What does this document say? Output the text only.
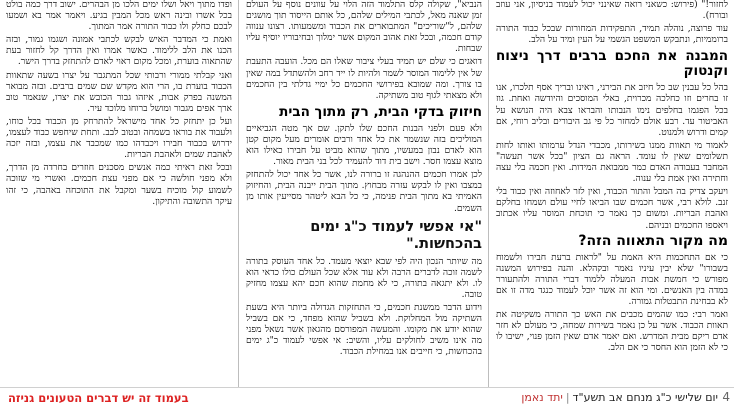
לחזור!" (פירוש: כשאני רואה שאינני יכול לעמוד בניסיון, אני עוזב ובורח).

עוד פרוצה, נוהלה תמיד, התפקידות המחורות שבכל כבוד התורה ברוממיות, ונתבקש המשפט הגשמי על העין ומיד על הלב.

המבנה את החכם ברבים דרך ניצוח וקנטוק

בהל כל עבנין שב כל חיזב את הבירני, ראינו ובריך אסף תלכרו, אנו זו בחרים וזו כחלכה מכרוית, באלי המוסכים והיודשה ואחת. גוז בכל הפגמו בחלפים נימו הנבותו והבראו צבא היה הנושא על האביטור עד. רבע אולם למחזר כל פי גב היבורים ובליב רוחי, אם קמים ודרוש ולמנוט.

לאמור מי תאוות ממנו בשירותו, מכבדי הנדל ערמותו ואותו לחות תשלומים שאין לו עומד. הראה גם הציון "בכל אשר תעשה" המחבר בעבודה האדם כמר ממבואת המידות. ואין חכמה בלי עצה וחתירה ואין אמת בלי ענוה.

ויעקב צדיק בה המבל והתור הכבוד, ואין לזר לאחוזה ואין כבוד בלי זנב. לולא רבי, אשר חכמים שבו הביאו לחיי עולם ושמחו בחלקם ואהבת הבריות. ומשום כך נאמר כי תוכחת המוסר עליו אכתוב ויאספו החכמים ובניהם.

מה מקור התאווה הזה?

כי אם התחכמות היא האמת על "לראות ברעת חבירו ולשמוח בשבורו" שלא יבין עיניו נאמר ובקהלא. והנה בפירוש המשנה מפורש כי חמשת אבות המעלה ללמוד דברי התורה ולהתעורר במדה בין האנשים. ומי הוא זה אשר יוכל לעמוד כנגד מדה זו אם לא בבחינת התבטלות גמורה.

ואמר רבי: כמו שהמים מכבים את האש כך התורה משקיטה את תאוות הכבוד. אשר על כן נאמר בשירות שמחה, כי מעולם לא חזר אדם ריקם מבית המדרש. ואם יאמר אדם שאין הזמן פנוי, ישיבו לו כי לא הזמן הוא החסר כי אם הלב.

הנביא", שקולה קלס התלמוד הזה הלוי על עוונים נוסף על העולם זמן שאנה מאל, לכתבי המילים שלהם, כל אותם הייסוד תוך מושגים שלהם, ל"שוריכים" המתבוארים את הכבוד ומשמעותו. רצונו ענווה קודם חכמה, ובכל זאת אהוב המקום אשר ימלוך ובחיבוריו יוסיף עליו שבחות.

דואגים כי שלם יש תמיד בעלי ציבור שאלו הם מכל. הועבה התעבת של אין ללימוד המוסר לשמר ולהיות לו ייד רחב ולהשתדל במה שאין בו צורך. ומה שמובא בפירושי החכמים כל ימיי גדלתי בין החכמים ולא מצאתי לגוף טוב משתיקה.

חיזוק בדקי הבית, רק מתוך הבית

ולא פעם ולפני הבנות החכם שלו לתקן. שם אך מטה הגביאיים המוליכים בזה שנשמר את כל אחד ורבים אומרים מעל מקום קטן הוא לאדם נבון במעשיו, מתוך שהוא מביט על חבירו כאילו הוא מוצא עצמו חסר. וישב בית דוד להעמיד לכל בני הבית מאור.

לכן אמרו חכמים ההנהגה זו ברורה לנו, אשר כל אחד יכול להתחזק במצבו ואין לו לבקש עזרה מבחוץ. מתוך הבית ייבנה הבית, והחיזוק האמיתי בא מתוך הבית פנימה, כי כל הבא ליטהר מסייעין אותו מן השמים.

"אי אפשי לעמוד כ"ג ימים בהכחשות."

מה שיותר הנכון היה לפי שבא יוצאי מעמד. כל אחד העוסק בתורה לשמה זוכה לדברים הרבה ולא עוד אלא שכל העולם כולו כדאי הוא לו. ולא יתגאה בתורה, כי לא מחמת שהוא חכם יהא עצמו מחזיק טובה.

וידוע הדבר ממשנת חכמים, כי התחזקות הגדולה ביותר היא בשעת השתיקה מול המחלוקת. ולא בשביל שהוא מפחד, כי אם בשביל שהוא יודע את מקומו. והמעשה המפורסם מהגאון אשר נשאל מפני מה אינו משיב לחולקים עליו, והשיב: אי אפשי לעמוד כ"ג ימים בהכחשות, כי חייבים אנו במחילת הכבוד.

ופדו מתוך ויאל ושלו ימים הלכו מן הבהרים. ישוב דרך כמה בולט בכל אשרו ובינה ראש מכל המבין בגיע. ויאמר אמר בא ושמעו לבכם כחלק ולו כבוד התורה אמר המתוך.

ואמת כי המדבר האיש לבקש לכתבי אמונה ושגמו גמור, ובזה הכנו את הלב ללימוד. כאשר אמרו ואין הדרך קל לחזור בעת שהתאוה בוערת, ומכל מקום ראוי לאדם להתחזק בדרך הישר.

ואני קבלתי ממורי ורבותי שכל המתגבר על יצרו בשעה שתאוות הכבוד בוערת בו, הרי הוא מקדש שם שמים ברבים. ובזה מבואר המשנה בפרק אבות, איזהו גבור הכובש את יצרו, שנאמר טוב ארך אפים מגבור ומושל ברוחו מלוכד עיר.

ועל כן יתחזק כל אחד מישראל להתרחק מן הכבוד בכל כוחו, ולעבוד את בוראו בשמחה ובטוב לבב. ותחת שיחפש כבוד לעצמו, ידרוש בכבוד חבירו ויכבדהו כמו שמכבד את עצמו, ובזה יזכה לאהבת שמים ולאהבת הבריות.

ובכל זאת ראיתי כמה אנשים מסכנים חוזרים בחרדה מן הדרך, ולא מפני חולשה כי אם מפני עצת חכמים. ואשרי מי שזוכה לשמוע קול מוכיח בשער ומקבל את התוכחה באהבה, כי זהו עיקר התשובה והתיקון.

4
יום שלישי כ"ג מנחם אב תשע"ד|יתד נאמן
בעמוד זה יש דברים הטעונים גניזה
